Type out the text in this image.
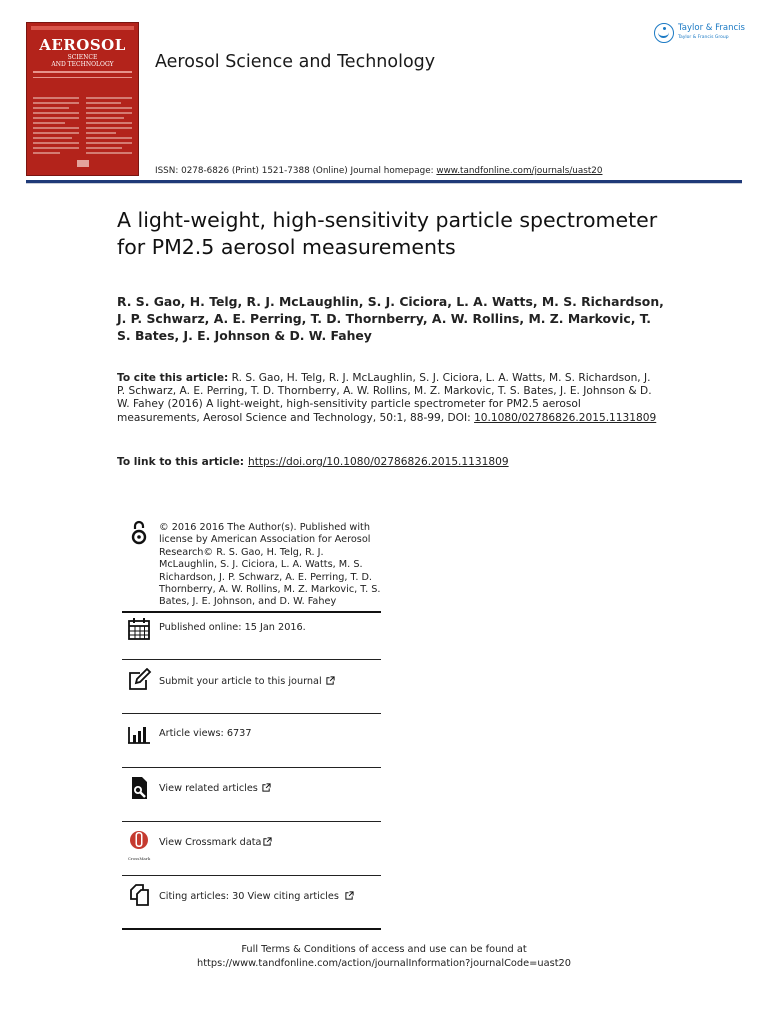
AEROSOL
SCIENCE
AND TECHNOLOGY	Aerosol Science and Technology
ISSN: 0278-6826 (Print) 1521-7388 (Online) Journal homepage: www.tandfonline.com/journals/uast20
Taylor & Francis
Taylor & Francis Group
A light-weight, high-sensitivity particle spectrometer for PM2.5 aerosol measurements
R. S. Gao, H. Telg, R. J. McLaughlin, S. J. Ciciora, L. A. Watts, M. S. Richardson, J. P. Schwarz, A. E. Perring, T. D. Thornberry, A. W. Rollins, M. Z. Markovic, T. S. Bates, J. E. Johnson & D. W. Fahey
To cite this article: R. S. Gao, H. Telg, R. J. McLaughlin, S. J. Ciciora, L. A. Watts, M. S. Richardson, J. P. Schwarz, A. E. Perring, T. D. Thornberry, A. W. Rollins, M. Z. Markovic, T. S. Bates, J. E. Johnson & D. W. Fahey (2016) A light-weight, high-sensitivity particle spectrometer for PM2.5 aerosol measurements, Aerosol Science and Technology, 50:1, 88-99, DOI: 10.1080/02786826.2015.1131809
To link to this article: https://doi.org/10.1080/02786826.2015.1131809
© 2016 2016 The Author(s). Published with license by American Association for Aerosol Research© R. S. Gao, H. Telg, R. J. McLaughlin, S. J. Ciciora, L. A. Watts, M. S. Richardson, J. P. Schwarz, A. E. Perring, T. D. Thornberry, A. W. Rollins, M. Z. Markovic, T. S. Bates, J. E. Johnson, and D. W. Fahey
Published online: 15 Jan 2016.
Submit your article to this journal
Article views: 6737
View related articles
CrossMark
View Crossmark data
Citing articles: 30 View citing articles
Full Terms & Conditions of access and use can be found at
https://www.tandfonline.com/action/journalInformation?journalCode=uast20
